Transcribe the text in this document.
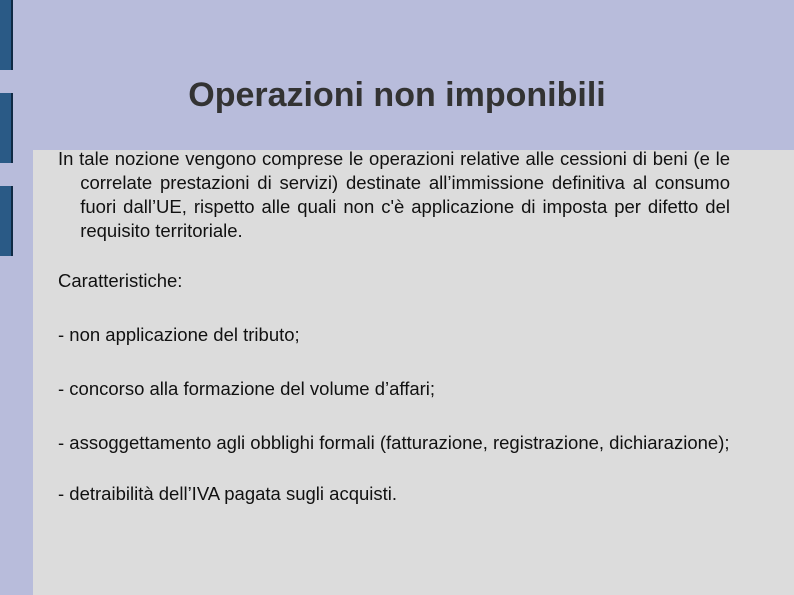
Operazioni non imponibili

In tale nozione vengono comprese le operazioni relative alle cessioni di beni (e le correlate prestazioni di servizi) destinate all’immissione definitiva al consumo fuori dall’UE, rispetto alle quali non c'è applicazione di imposta per difetto del requisito territoriale.

Caratteristiche:

- non applicazione del tributo;

- concorso alla formazione del volume d’affari;

- assoggettamento agli obblighi formali (fatturazione, registrazione, dichiarazione);

- detraibilità dell’IVA pagata sugli acquisti.
